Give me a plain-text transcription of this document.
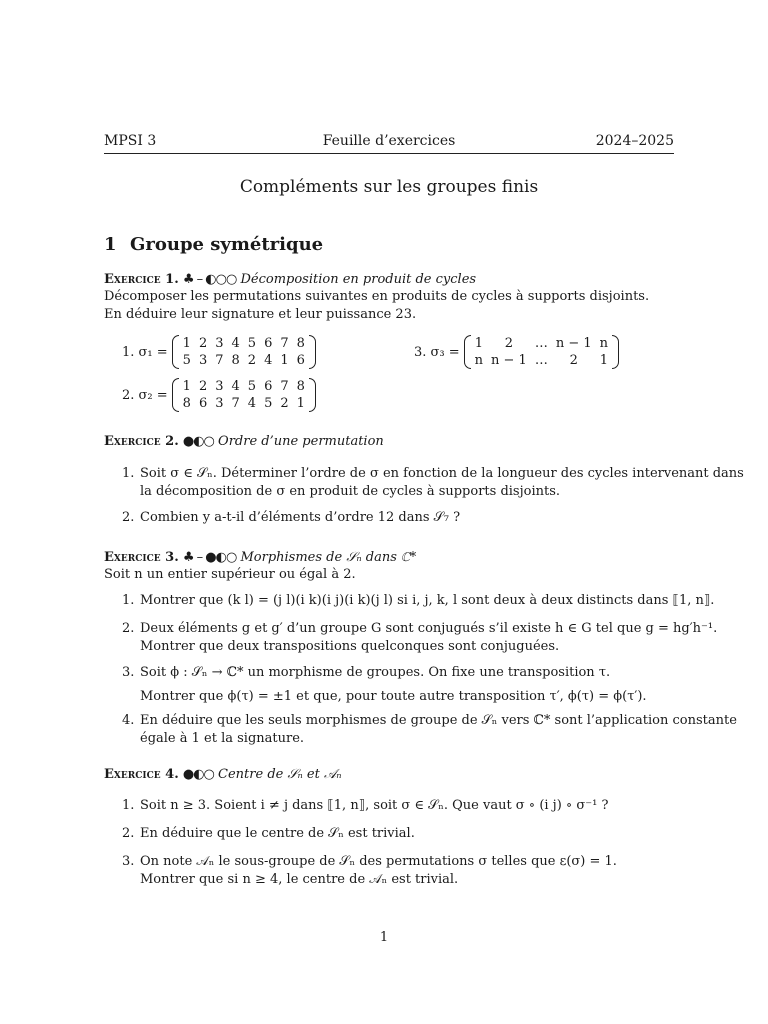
MPSI 3	Feuille d’exercices	2024–2025
Compléments sur les groupes finis
1 Groupe symétrique
Exercice 1. ♣ – ◐○○ Décomposition en produit de cycles
Décomposer les permutations suivantes en produits de cycles à supports disjoints.
En déduire leur signature et leur puissance 23.
1. σ₁ =
1	2	3	4	5	6	7	8
5	3	7	8	2	4	1	6
2. σ₂ =
1	2	3	4	5	6	7	8
8	6	3	7	4	5	2	1
3. σ₃ =
1	2	…	n − 1	n
n	n − 1	…	2	1
Exercice 2. ●◐○ Ordre d’une permutation
1. Soit σ ∈ 𝒮ₙ. Déterminer l’ordre de σ en fonction de la longueur des cycles intervenant dans
la décomposition de σ en produit de cycles à supports disjoints.
2. Combien y a-t-il d’éléments d’ordre 12 dans 𝒮₇ ?
Exercice 3. ♣ – ●◐○ Morphismes de 𝒮ₙ dans ℂ*
Soit n un entier supérieur ou égal à 2.
1. Montrer que (k l) = (j l)(i k)(i j)(i k)(j l) si i, j, k, l sont deux à deux distincts dans ⟦1, n⟧.
2. Deux éléments g et g′ d’un groupe G sont conjugués s’il existe h ∈ G tel que g = hg′h⁻¹.
Montrer que deux transpositions quelconques sont conjuguées.
3. Soit ϕ : 𝒮ₙ → ℂ* un morphisme de groupes. On fixe une transposition τ.
Montrer que ϕ(τ) = ±1 et que, pour toute autre transposition τ′, ϕ(τ) = ϕ(τ′).
4. En déduire que les seuls morphismes de groupe de 𝒮ₙ vers ℂ* sont l’application constante
égale à 1 et la signature.
Exercice 4. ●◐○ Centre de 𝒮ₙ et 𝒜ₙ
1. Soit n ≥ 3. Soient i ≠ j dans ⟦1, n⟧, soit σ ∈ 𝒮ₙ. Que vaut σ ∘ (i j) ∘ σ⁻¹ ?
2. En déduire que le centre de 𝒮ₙ est trivial.
3. On note 𝒜ₙ le sous-groupe de 𝒮ₙ des permutations σ telles que ε(σ) = 1.
Montrer que si n ≥ 4, le centre de 𝒜ₙ est trivial.
1
